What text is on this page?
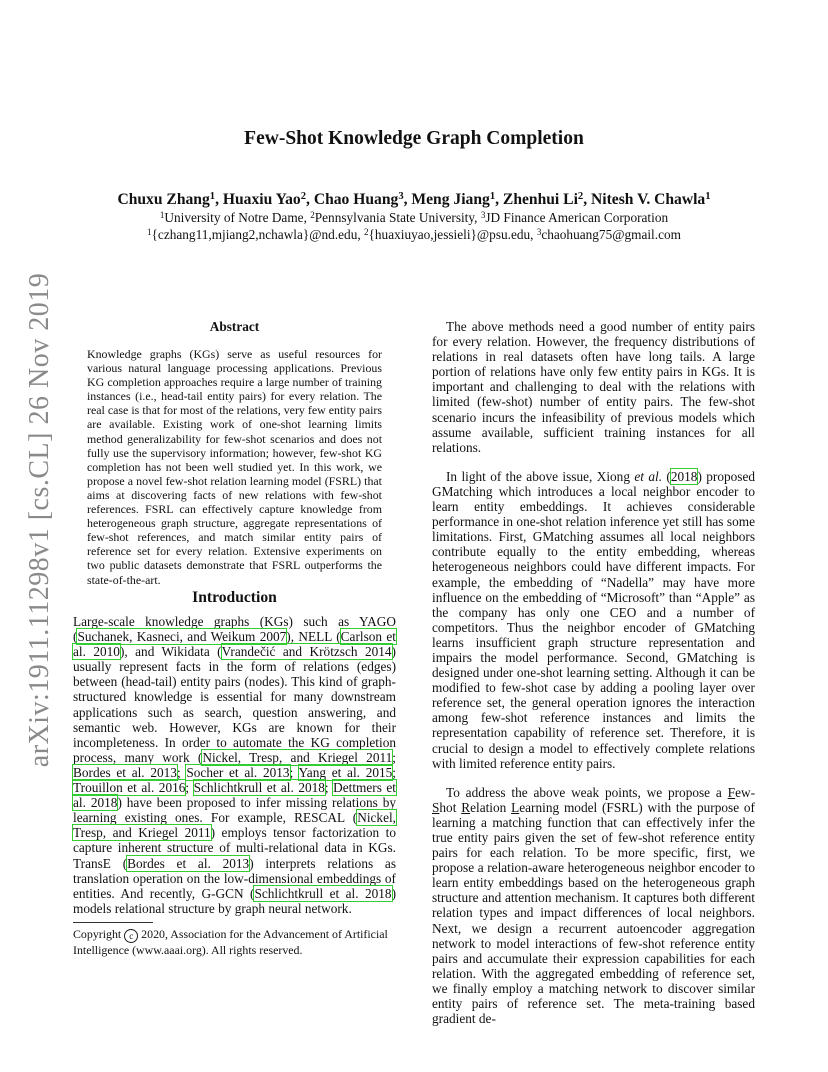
arXiv:1911.11298v1 [cs.CL] 26 Nov 2019
Few-Shot Knowledge Graph Completion
Chuxu Zhang$^1$, Huaxiu Yao$^2$, Chao Huang$^3$, Meng Jiang$^1$, Zhenhui Li$^2$, Nitesh V. Chawla$^1$
$^1$University of Notre Dame, $^2$Pennsylvania State University, $^3$JD Finance American Corporation
$^1${czhang11,mjiang2,nchawla}@nd.edu, $^2${huaxiuyao,jessieli}@psu.edu, $^3$chaohuang75@gmail.com
Abstract

Knowledge graphs (KGs) serve as useful resources for various natural language processing applications. Previous KG completion approaches require a large number of training instances (i.e., head-tail entity pairs) for every relation. The real case is that for most of the relations, very few entity pairs are available. Existing work of one-shot learning limits method generalizability for few-shot scenarios and does not fully use the supervisory information; however, few-shot KG completion has not been well studied yet. In this work, we propose a novel few-shot relation learning model (FSRL) that aims at discovering facts of new relations with few-shot references. FSRL can effectively capture knowledge from heterogeneous graph structure, aggregate representations of few-shot references, and match similar entity pairs of reference set for every relation. Extensive experiments on two public datasets demonstrate that FSRL outperforms the state-of-the-art.

Introduction

Large-scale knowledge graphs (KGs) such as YAGO (Suchanek, Kasneci, and Weikum 2007), NELL (Carlson et al. 2010), and Wikidata (Vrandečić and Krötzsch 2014) usually represent facts in the form of relations (edges) between (head-tail) entity pairs (nodes). This kind of graph-structured knowledge is essential for many downstream applications such as search, question answering, and semantic web. However, KGs are known for their incompleteness. In order to automate the KG completion process, many work (Nickel, Tresp, and Kriegel 2011; Bordes et al. 2013; Socher et al. 2013; Yang et al. 2015; Trouillon et al. 2016; Schlichtkrull et al. 2018; Dettmers et al. 2018) have been proposed to infer missing relations by learning existing ones. For example, RESCAL (Nickel, Tresp, and Kriegel 2011) employs tensor factorization to capture inherent structure of multi-relational data in KGs. TransE (Bordes et al. 2013) interprets relations as translation operation on the low-dimensional embeddings of entities. And recently, G-GCN (Schlichtkrull et al. 2018) models relational structure by graph neural network.

Copyright c 2020, Association for the Advancement of Artificial Intelligence (www.aaai.org). All rights reserved.

The above methods need a good number of entity pairs for every relation. However, the frequency distributions of relations in real datasets often have long tails. A large portion of relations have only few entity pairs in KGs. It is important and challenging to deal with the relations with limited (few-shot) number of entity pairs. The few-shot scenario incurs the infeasibility of previous models which assume available, sufficient training instances for all relations.

In light of the above issue, Xiong et al. (2018) proposed GMatching which introduces a local neighbor encoder to learn entity embeddings. It achieves considerable performance in one-shot relation inference yet still has some limitations. First, GMatching assumes all local neighbors contribute equally to the entity embedding, whereas heterogeneous neighbors could have different impacts. For example, the embedding of “Nadella” may have more influence on the embedding of “Microsoft” than “Apple” as the company has only one CEO and a number of competitors. Thus the neighbor encoder of GMatching learns insufficient graph structure representation and impairs the model performance. Second, GMatching is designed under one-shot learning setting. Although it can be modified to few-shot case by adding a pooling layer over reference set, the general operation ignores the interaction among few-shot reference instances and limits the representation capability of reference set. Therefore, it is crucial to design a model to effectively complete relations with limited reference entity pairs.

To address the above weak points, we propose a Few-Shot Relation Learning model (FSRL) with the purpose of learning a matching function that can effectively infer the true entity pairs given the set of few-shot reference entity pairs for each relation. To be more specific, first, we propose a relation-aware heterogeneous neighbor encoder to learn entity embeddings based on the heterogeneous graph structure and attention mechanism. It captures both different relation types and impact differences of local neighbors. Next, we design a recurrent autoencoder aggregation network to model interactions of few-shot reference entity pairs and accumulate their expression capabilities for each relation. With the aggregated embedding of reference set, we finally employ a matching network to discover similar entity pairs of reference set. The meta-training based gradient de-
